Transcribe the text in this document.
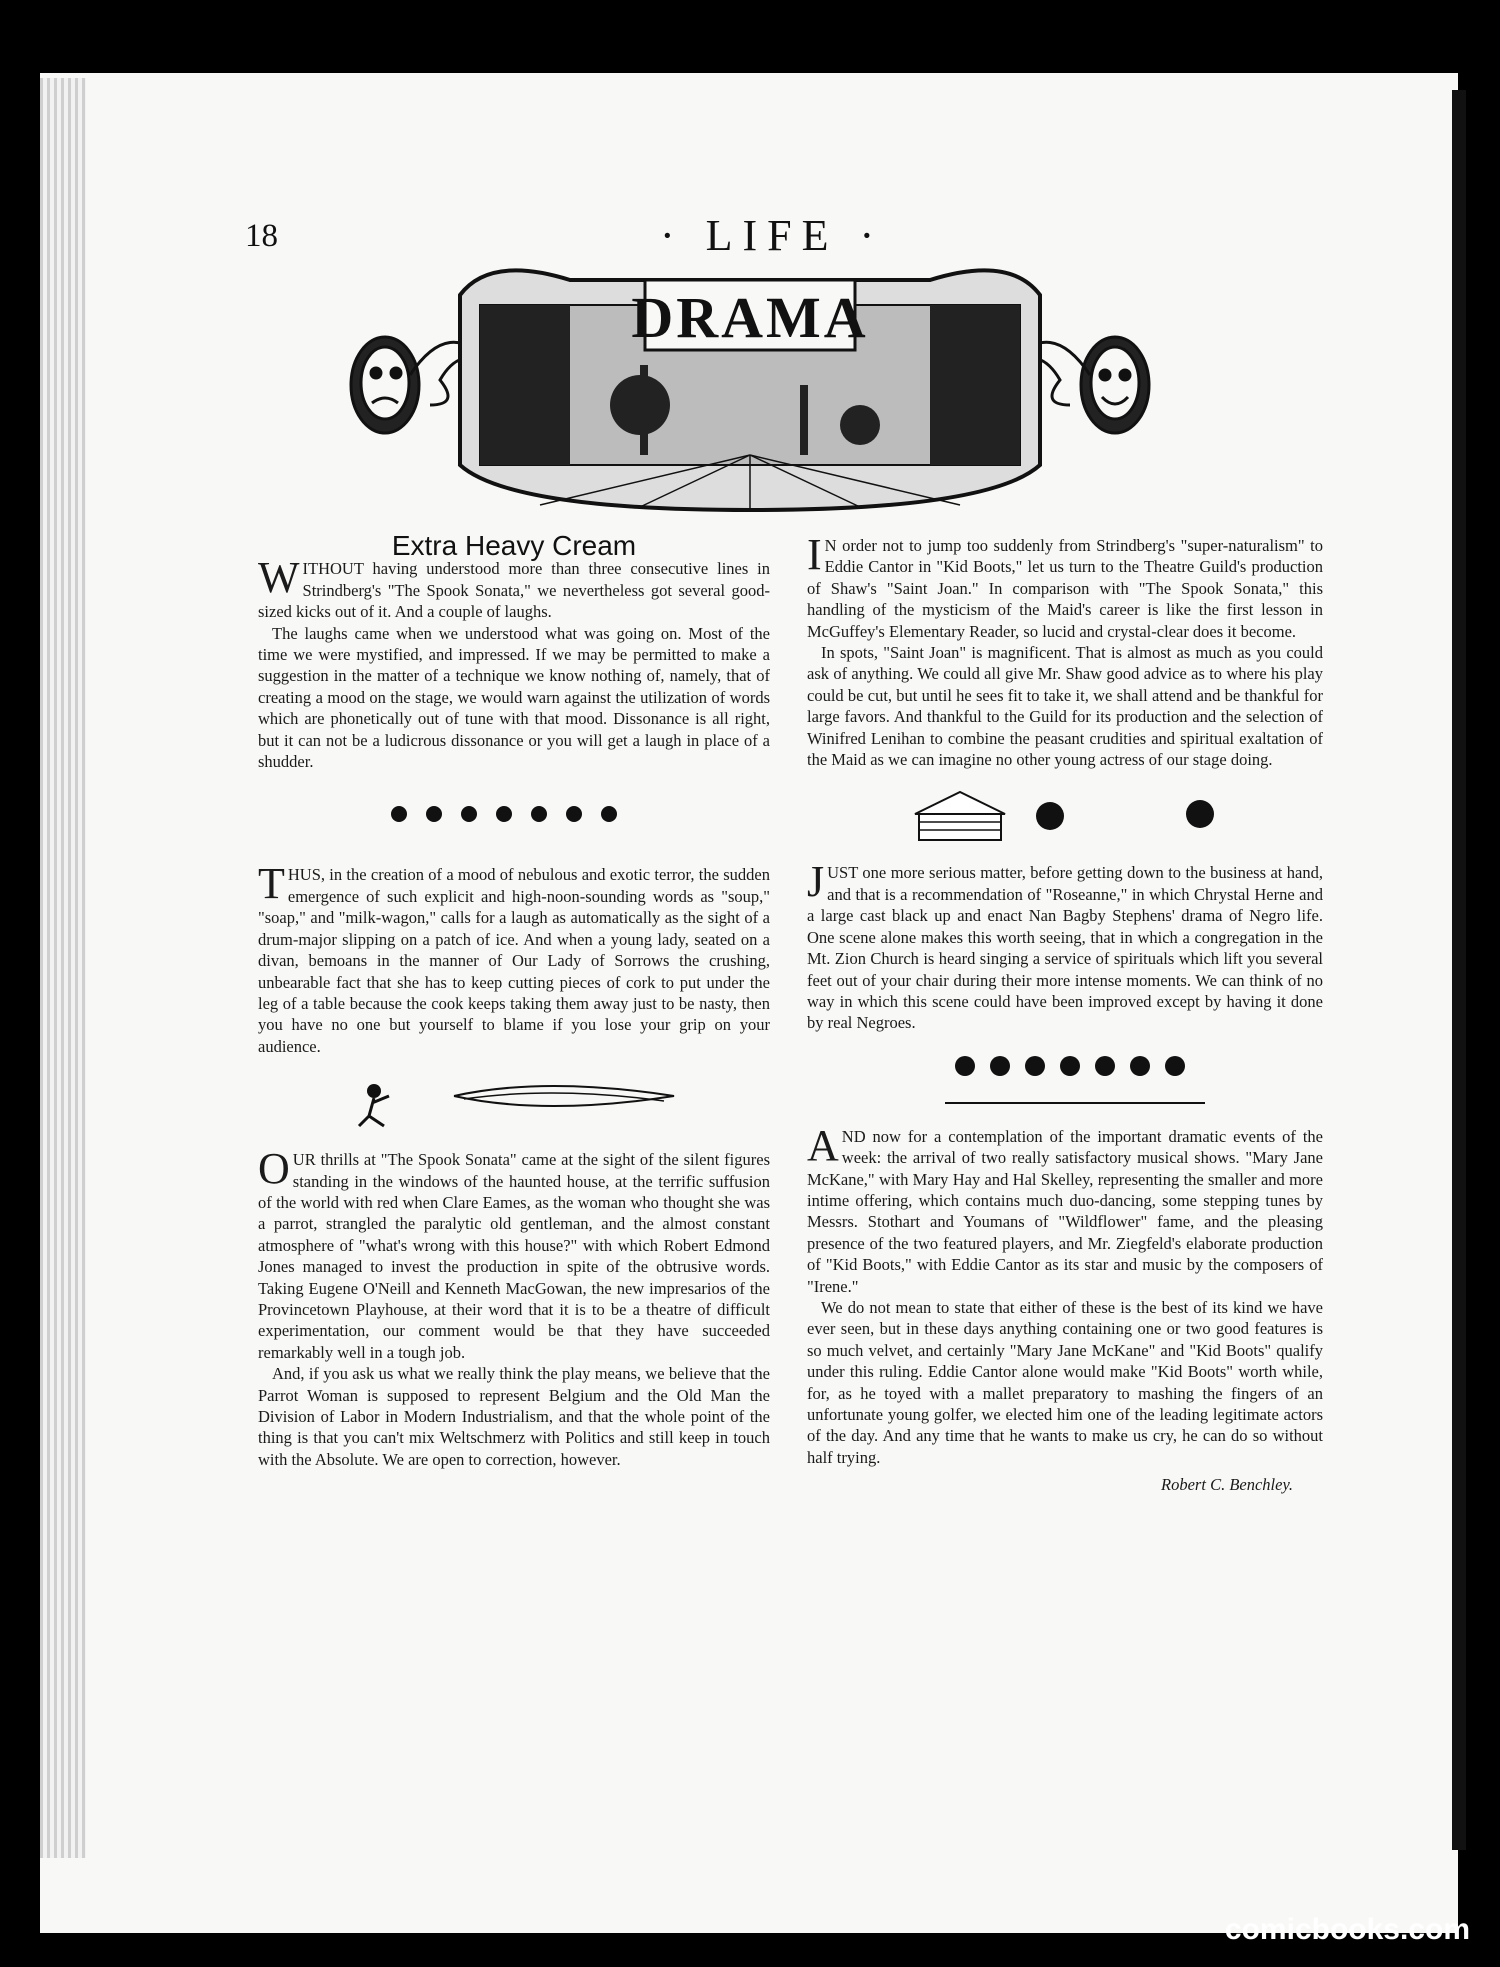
18	· LIFE ·
DRAMA
Extra Heavy Cream

WITHOUT having understood more than three consecutive lines in Strindberg's "The Spook Sonata," we nevertheless got several good-sized kicks out of it. And a couple of laughs.

The laughs came when we understood what was going on. Most of the time we were mystified, and impressed. If we may be permitted to make a suggestion in the matter of a technique we know nothing of, namely, that of creating a mood on the stage, we would warn against the utilization of words which are phonetically out of tune with that mood. Dissonance is all right, but it can not be a ludicrous dissonance or you will get a laugh in place of a shudder.

THUS, in the creation of a mood of nebulous and exotic terror, the sudden emergence of such explicit and high-noon-sounding words as "soup," "soap," and "milk-wagon," calls for a laugh as automatically as the sight of a drum-major slipping on a patch of ice. And when a young lady, seated on a divan, bemoans in the manner of Our Lady of Sorrows the crushing, unbearable fact that she has to keep cutting pieces of cork to put under the leg of a table because the cook keeps taking them away just to be nasty, then you have no one but yourself to blame if you lose your grip on your audience.

OUR thrills at "The Spook Sonata" came at the sight of the silent figures standing in the windows of the haunted house, at the terrific suffusion of the world with red when Clare Eames, as the woman who thought she was a parrot, strangled the paralytic old gentleman, and the almost constant atmosphere of "what's wrong with this house?" with which Robert Edmond Jones managed to invest the production in spite of the obtrusive words. Taking Eugene O'Neill and Kenneth MacGowan, the new impresarios of the Provincetown Playhouse, at their word that it is to be a theatre of difficult experimentation, our comment would be that they have succeeded remarkably well in a tough job.

And, if you ask us what we really think the play means, we believe that the Parrot Woman is supposed to represent Belgium and the Old Man the Division of Labor in Modern Industrialism, and that the whole point of the thing is that you can't mix Weltschmerz with Politics and still keep in touch with the Absolute. We are open to correction, however.

I N order not to jump too suddenly from Strindberg's "super-naturalism" to Eddie Cantor in "Kid Boots," let us turn to the Theatre Guild's production of Shaw's "Saint Joan." In comparison with "The Spook Sonata," this handling of the mysticism of the Maid's career is like the first lesson in McGuffey's Elementary Reader, so lucid and crystal-clear does it become.

In spots, "Saint Joan" is magnificent. That is almost as much as you could ask of anything. We could all give Mr. Shaw good advice as to where his play could be cut, but until he sees fit to take it, we shall attend and be thankful for large favors. And thankful to the Guild for its production and the selection of Winifred Lenihan to combine the peasant crudities and spiritual exaltation of the Maid as we can imagine no other young actress of our stage doing.

JUST one more serious matter, before getting down to the business at hand, and that is a recommendation of "Roseanne," in which Chrystal Herne and a large cast black up and enact Nan Bagby Stephens' drama of Negro life. One scene alone makes this worth seeing, that in which a congregation in the Mt. Zion Church is heard singing a service of spirituals which lift you several feet out of your chair during their more intense moments. We can think of no way in which this scene could have been improved except by having it done by real Negroes.

AND now for a contemplation of the important dramatic events of the week: the arrival of two really satisfactory musical shows. "Mary Jane McKane," with Mary Hay and Hal Skelley, representing the smaller and more intime offering, which contains much duo-dancing, some stepping tunes by Messrs. Stothart and Youmans of "Wildflower" fame, and the pleasing presence of the two featured players, and Mr. Ziegfeld's elaborate production of "Kid Boots," with Eddie Cantor as its star and music by the composers of "Irene."

We do not mean to state that either of these is the best of its kind we have ever seen, but in these days anything containing one or two good features is so much velvet, and certainly "Mary Jane McKane" and "Kid Boots" qualify under this ruling. Eddie Cantor alone would make "Kid Boots" worth while, for, as he toyed with a mallet preparatory to mashing the fingers of an unfortunate young golfer, we elected him one of the leading legitimate actors of the day. And any time that he wants to make us cry, he can do so without half trying.

Robert C. Benchley.
comicbooks.com
